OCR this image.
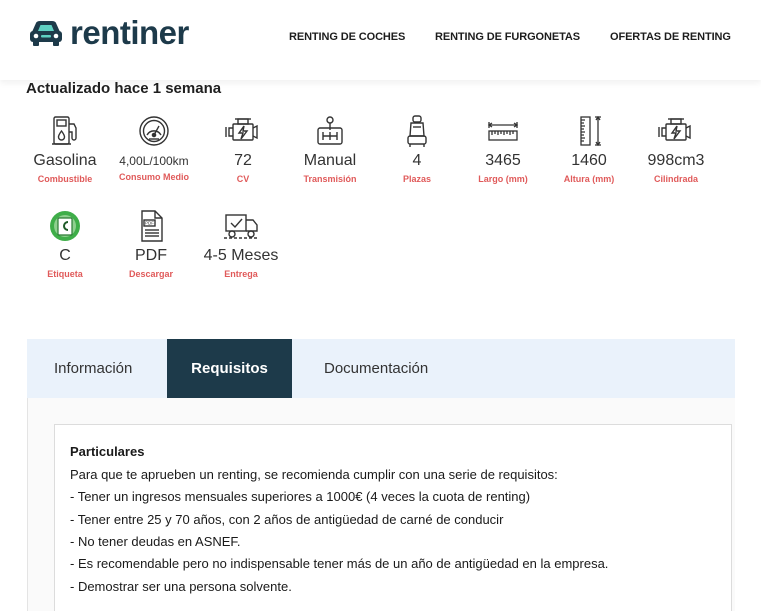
rentiner	RENTING DE COCHES	RENTING DE FURGONETAS	OFERTAS DE RENTING
Actualizado hace 1 semana
Gasolina
Combustible
4,00L/100km
Consumo Medio
72
CV
Manual
Transmisión
4
Plazas
3465
Largo (mm)
1460
Altura (mm)
998cm3
Cilindrada
C
Etiqueta
PDF
PDF
Descargar
4-5 Meses
Entrega
Información	Requisitos	Documentación
Particulares
Para que te aprueben un renting, se recomienda cumplir con una serie de requisitos:
- Tener un ingresos mensuales superiores a 1000€ (4 veces la cuota de renting)
- Tener entre 25 y 70 años, con 2 años de antigüedad de carné de conducir
- No tener deudas en ASNEF.
- Es recomendable pero no indispensable tener más de un año de antigüedad en la empresa.
- Demostrar ser una persona solvente.
